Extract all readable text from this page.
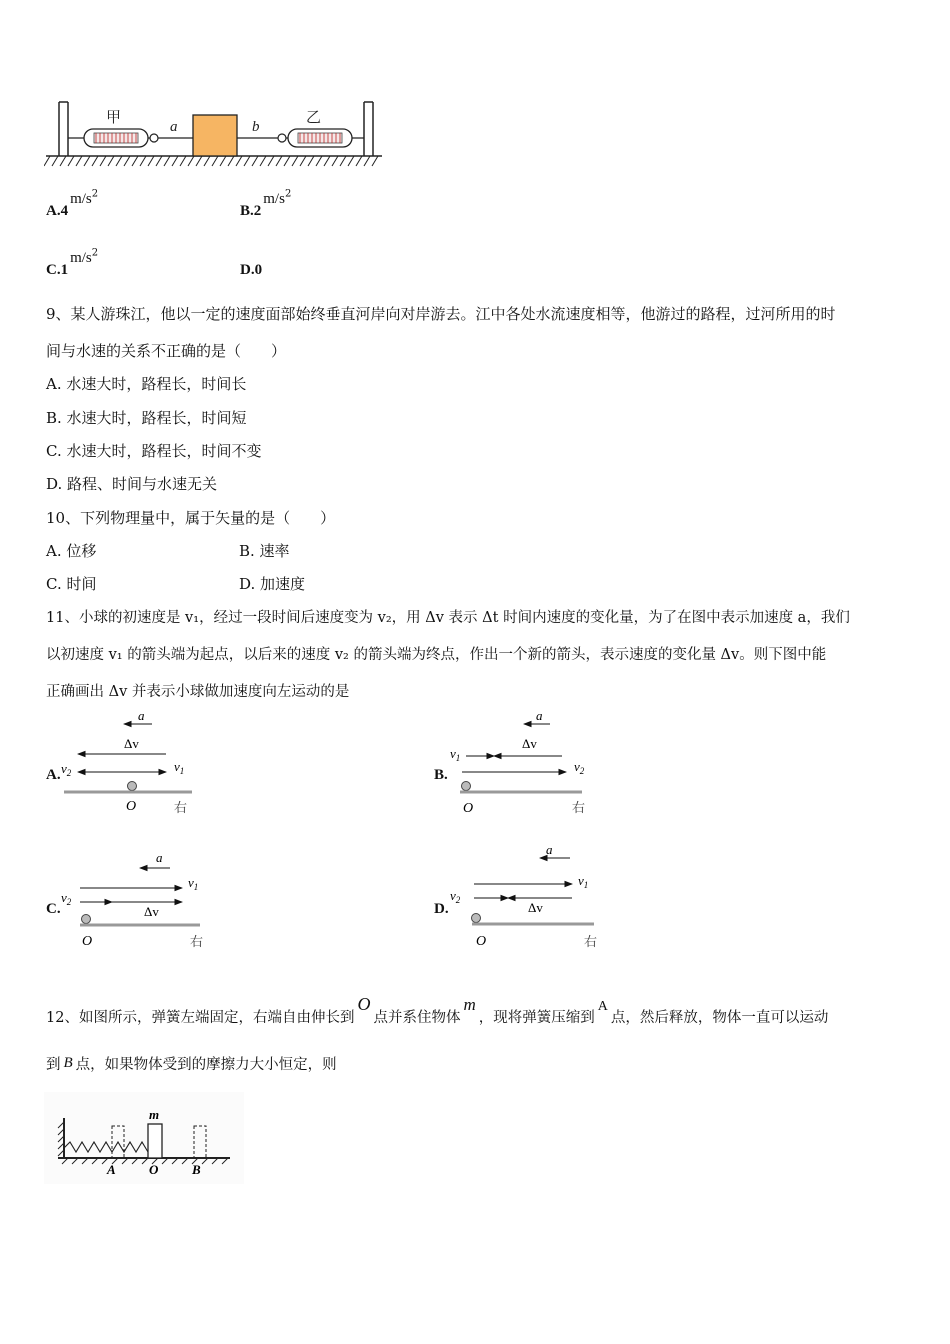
甲
a	b
乙
$A.4m/s^2$
$B.2m/s^2$
$C.1m/s^2$
D.0
9、某人游珠江，他以一定的速度面部始终垂直河岸向对岸游去。江中各处水流速度相等，他游过的路程，过河所用的时
间与水速的关系不正确的是（　　）
A. 水速大时，路程长，时间长
B. 水速大时，路程长，时间短
C. 水速大时，路程长，时间不变
D. 路程、时间与水速无关
10、下列物理量中，属于矢量的是（　　）
A. 位移	B. 速率
C. 时间	D. 加速度
11、小球的初速度是 v₁，经过一段时间后速度变为 v₂，用 Δv 表示 Δt 时间内速度的变化量，为了在图中表示加速度 a，我们
以初速度 v₁ 的箭头端为起点，以后来的速度 v₂ 的箭头端为终点，作出一个新的箭头，表示速度的变化量 Δv。则下图中能
正确画出 Δv 并表示小球做加速度向左运动的是
A.
a
Δv
$v_2$	$v_1$
O	右
B.
a
Δv
$v_1$
$v_2$
O	右
C.
a
$v_1$
$v_2$
Δv
O	右
D.
a
$v_1$
$v_2$	Δv
O	右
12、如图所示，弹簧左端固定，右端自由伸长到O点并系住物体m，现将弹簧压缩到A点，然后释放，物体一直可以运动
到 B 点，如果物体受到的摩擦力大小恒定，则
m
A	O	B
